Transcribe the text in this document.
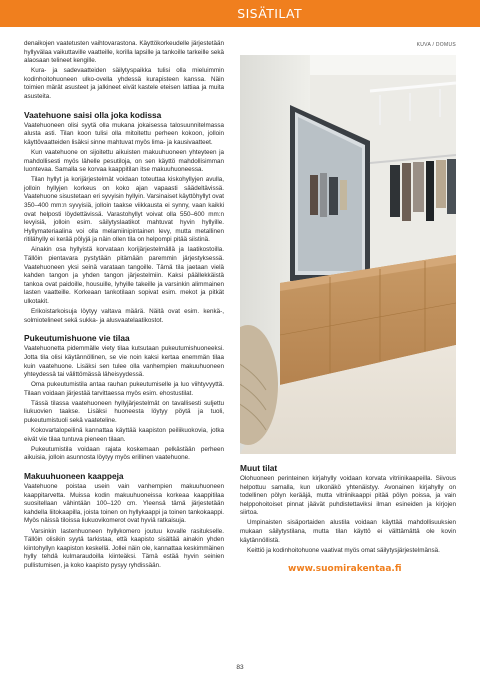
SISÄTILAT
KUVA / DOMUS

denaikojen vaatetusten vaihtovarastona. Käyttökorkeudelle järjestetään hyllyvälaa vaikuttaville vaatteille, korilla lapsille ja tankoille tarkeille sekä alaosaan telineet kengille.

Kura- ja sadevaatteiden säilytyspaikka tulisi olla mieluimmin kodinhoitohuoneen ulko-ovella yhdessä kurapisteen kanssa. Näin toimien märät asusteet ja jalkineet eivät kastele eteisen lattiaa ja muita asusteita.

Vaatehuone saisi olla joka kodissa

Vaatehuoneen olisi syytä olla mukana jokaisessa talosuunnitelmassa alusta asti. Tilan koon tulisi olla mitoitettu perheen kokoon, jolloin käyttövaatteiden lisäksi sinne mahtuvat myös lima- ja kausivaatteet.

Kun vaatehuone on sijoitettu aikuisten makuuhuoneen yhteyteen ja mahdollisesti myös lähelle pesutiloja, on sen käyttö mahdollisimman luontevaa. Samalla se korvaa kaappitilan itse makuuhuoneessa.

Tilan hyllyt ja korijärjestelmät voidaan toteuttaa kiskohyllyjen avulla, jolloin hyllyjen korkeus on koko ajan vapaasti säädeltävissä. Vaatehuone sisustetaan eri syvyisin hyllyin. Varsinaiset käyttöhyllyt ovat 350–400 mm:n syvyisiä, jolloin taakse viikkausta ei synny, vaan kaikki ovat helposti löydettävissä. Varastohyllyt voivat olla 550–600 mm:n levyisiä, jolloin esim. säilytyslaatikot mahtuvat hyvin hyllyille. Hyllymateriaalina voi olla melamiinipintainen levy, mutta metallinen ritilähylly ei kerää pölyjä ja näin ollen tila on helpompi pitää siistinä.

Ainakin osa hyllyistä korvataan korijärjestelmällä ja laatikostoilla. Tällöin pientavara pystytään pitämään paremmin järjestyksessä. Vaatehuoneen yksi seinä varataan tangoille. Tämä tila jaetaan vielä kahden tangon ja yhden tangon järjestelmiin. Kaksi päällekkäistä tankoa ovat paidoille, housuille, lyhyille takeille ja varsinkin alimmainen lasten vaatteille. Korkeaan tankotilaan sopivat esim. mekot ja pitkät ulkotakit.

Erikoistarkoisuja löytyy valtava määrä. Näitä ovat esim. kenkä-, solmiotelineet sekä sukka- ja alusvaatelaatikostot.

Pukeutumishuone vie tilaa

Vaatehuonetta pidemmälle viety tilaa kutsutaan pukeutumishuoneeksi. Jotta tila olisi käytännöllinen, se vie noin kaksi kertaa enemmän tilaa kuin vaatehuone. Lisäksi sen tulee olla vanhempien makuuhuoneen yhteydessä tai välittömässä läheisyydessä.

Oma pukeutumistila antaa rauhan pukeutumiselle ja luo viihtyvyyttä. Tilaan voidaan järjestää tarvittaessa myös esim. ehostustilat.

Tässä tilassa vaatehuoneen hyllyjärjestelmät on tavallisesti suljettu liukuovien taakse. Lisäksi huoneesta löytyy pöytä ja tuoli, pukeutumistuoli sekä vaateteline.

Kokovartalopeilinä kannattaa käyttää kaapiston peiliikuokovia, jotka eivät vie tilaa tuntuva pieneen tilaan.

Pukeutumistila voidaan rajata koskemaan pelkästään perheen aikuisia, jolloin asunnosta löytyy myös erillinen vaatehuone.

Makuuhuoneen kaappeja

Vaatehuone poistaa usein vain vanhempien makuuhuoneen kaappitarvetta. Muissa kodin makuuhuoneissa korkeaa kaappitilaa suositellaan vähintään 100–120 cm. Yleensä tämä järjestetään kahdella liitokaapilla, joista toinen on hyllykaappi ja toinen tankokaappi. Myös näissä tiloissa liukuovikomerot ovat hyviä ratkaisuja.

Varsinkin lastenhuoneen hyllykomero joutuu kovalle rasitukselle. Tällöin olisikin syytä tarkistaa, että kaapisto sisältää ainakin yhden kiintohyllyn kaapiston keskellä. Jollei näin ole, kannattaa keskimmäinen hylly tehdä kulmaraudoilla kiinteäksi. Tämä estää hyvin seinien pullistumisen, ja koko kaapisto pysyy ryhdissään.

Muut tilat

Olohuoneen perinteinen kirjahylly voidaan korvata vitriinikaapeilla. Siivous helpottuu samalla, kun ulkonäkö yhtenäistyy. Avonainen kirjahylly on todellinen pölyn kerääjä, mutta vitriinikaappi pitää pölyn poissa, ja vain helppohoitoiset pinnat jäävät puhdistettaviksi ilman esineiden ja kirjojen siirtoa.

Umpinaisten sisäportaiden alustila voidaan käyttää mahdollisuuksien mukaan säilytystilana, mutta tilan käyttö ei välttämättä ole kovin käytännöllistä.

Keittiö ja kodinhoitohuone vaativat myös omat säilytysjärjestelmänsä.

www.suomirakentaa.fi
83
